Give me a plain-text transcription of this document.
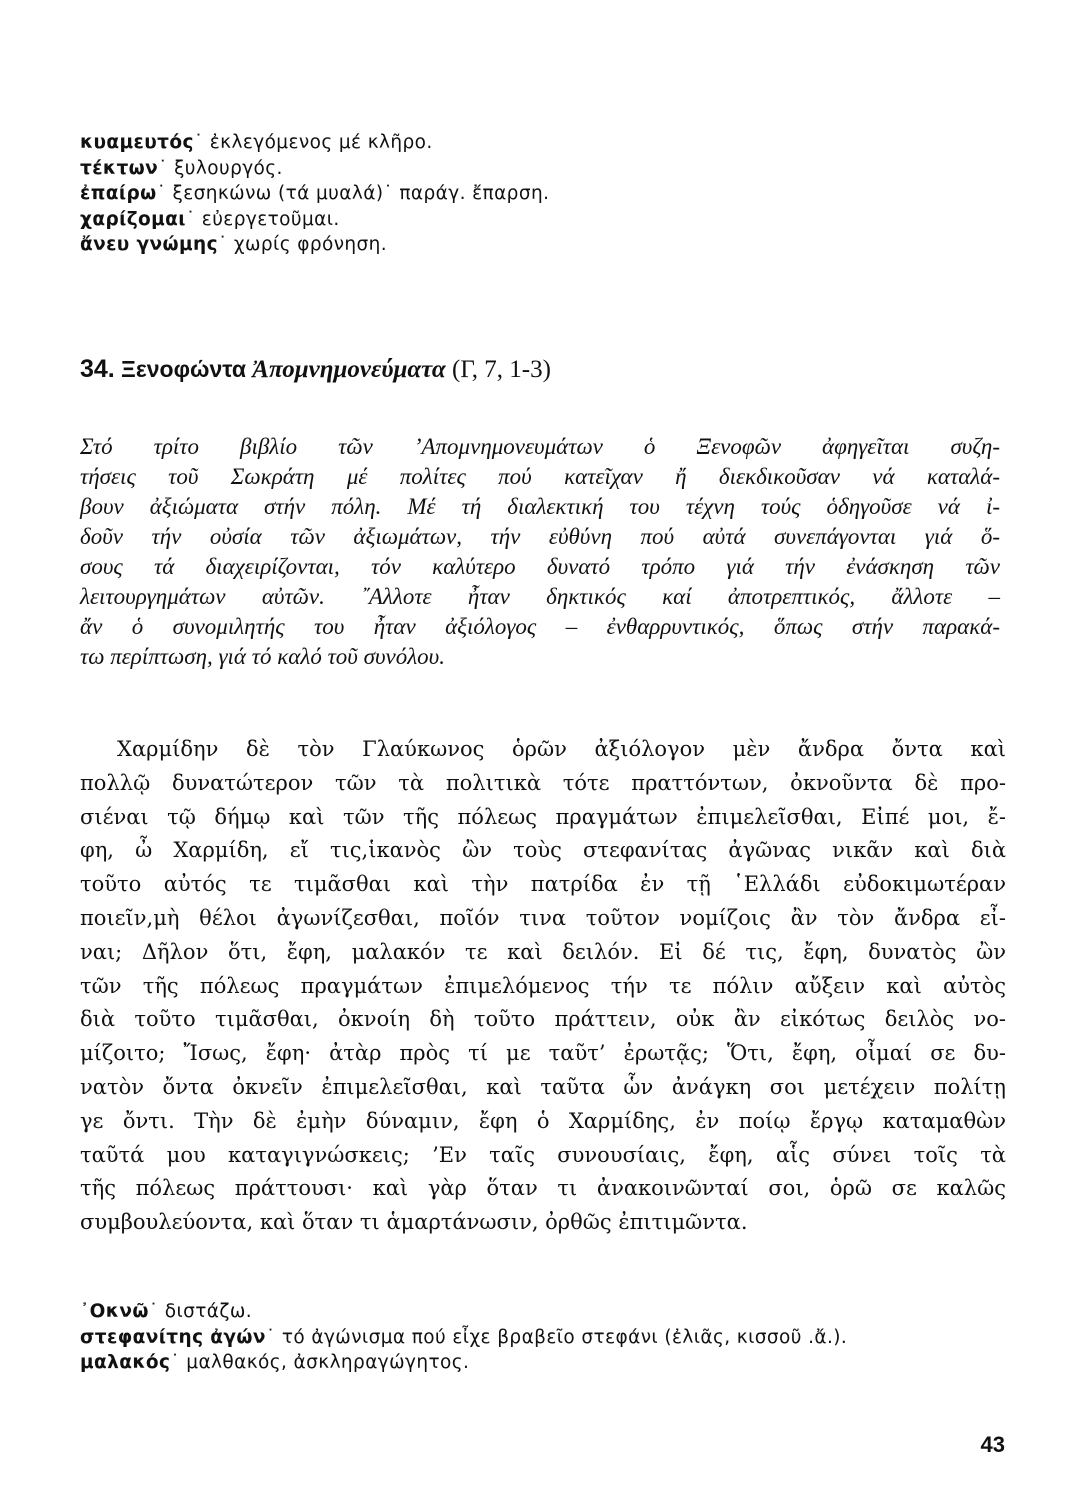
κυαμευτός˙ ἐκλεγόμενος μέ κλῆρο.
τέκτων˙ ξυλουργός.
ἐπαίρω˙ ξεσηκώνω (τά μυαλά)˙ παράγ. ἔπαρση.
χαρίζομαι˙ εὐεργετοῦμαι.
ἄνευ γνώμης˙ χωρίς φρόνηση.
34. Ξενοφώντα Ἀπομνημονεύματα (Γ, 7, 1-3)
Στό τρίτο βιβλίο τῶν ’Απομνημονευμάτων ὁ Ξενοφῶν ἀφηγεῖται συζη-
τήσεις τοῦ Σωκράτη μέ πολίτες πού κατεῖχαν ἤ διεκδικοῦσαν νά καταλά-
βουν ἀξιώματα στήν πόλη. Μέ τή διαλεκτική του τέχνη τούς ὁδηγοῦσε νά ἰ-
δοῦν τήν οὐσία τῶν ἀξιωμάτων, τήν εὐθύνη πού αὐτά συνεπάγονται γιά ὅ-
σους τά διαχειρίζονται, τόν καλύτερο δυνατό τρόπο γιά τήν ἐνάσκηση τῶν
λειτουργημάτων αὐτῶν. ῎Αλλοτε ἦταν δηκτικός καί ἀποτρεπτικός, ἄλλοτε –
ἄν ὁ συνομιλητής του ἦταν ἀξιόλογος – ἐνθαρρυντικός, ὅπως στήν παρακά-
τω περίπτωση, γιά τό καλό τοῦ συνόλου.
Χαρμίδην δὲ τὸν Γλαύκωνος ὁρῶν ἀξιόλογον μὲν ἄνδρα ὄντα καὶ
πολλῷ δυνατώτερον τῶν τὰ πολιτικὰ τότε πραττόντων, ὀκνοῦντα δὲ προ-
σιέναι τῷ δήμῳ καὶ τῶν τῆς πόλεως πραγμάτων ἐπιμελεῖσθαι, Εἰπέ μοι, ἔ-
φη, ὦ Χαρμίδη, εἴ τις,ἱκανὸς ὢν τοὺς στεφανίτας ἀγῶνας νικᾶν καὶ διὰ
τοῦτο αὐτός τε τιμᾶσθαι καὶ τὴν πατρίδα ἐν τῇ ῾Ελλάδι εὐδοκιμωτέραν
ποιεῖν,μὴ θέλοι ἀγωνίζεσθαι, ποῖόν τινα τοῦτον νομίζοις ἂν τὸν ἄνδρα εἶ-
ναι; Δῆλον ὅτι, ἔφη, μαλακόν τε καὶ δειλόν. Εἰ δέ τις, ἔφη, δυνατὸς ὢν
τῶν τῆς πόλεως πραγμάτων ἐπιμελόμενος τήν τε πόλιν αὔξειν καὶ αὐτὸς
διὰ τοῦτο τιμᾶσθαι, ὀκνοίη δὴ τοῦτο πράττειν, οὐκ ἂν εἰκότως δειλὸς νο-
μίζοιτο; Ἴσως, ἔφη· ἀτὰρ πρὸς τί με ταῦτ’ ἐρωτᾷς; Ὅτι, ἔφη, οἶμαί σε δυ-
νατὸν ὄντα ὀκνεῖν ἐπιμελεῖσθαι, καὶ ταῦτα ὧν ἀνάγκη σοι μετέχειν πολίτῃ
γε ὄντι. Τὴν δὲ ἐμὴν δύναμιν, ἔφη ὁ Χαρμίδης, ἐν ποίῳ ἔργῳ καταμαθὼν
ταῦτά μου καταγιγνώσκεις; ’Εν ταῖς συνουσίαις, ἔφη, αἷς σύνει τοῖς τὰ
τῆς πόλεως πράττουσι· καὶ γὰρ ὅταν τι ἀνακοινῶνταί σοι, ὁρῶ σε καλῶς
συμβουλεύοντα, καὶ ὅταν τι ἁμαρτάνωσιν, ὀρθῶς ἐπιτιμῶντα.
᾿Οκνῶ˙ διστάζω.
στεφανίτης ἀγών˙ τό ἀγώνισμα πού εἶχε βραβεῖο στεφάνι (ἐλιᾶς, κισσοῦ .ἄ.).
μαλακός˙ μαλθακός, ἀσκληραγώγητος.
43
